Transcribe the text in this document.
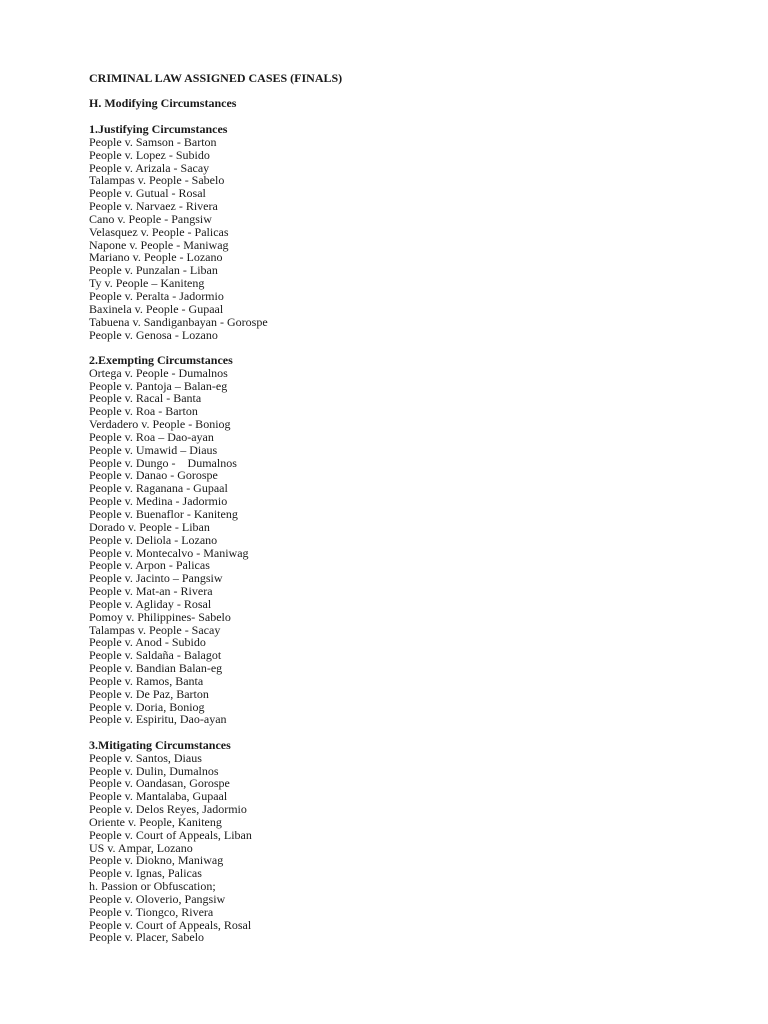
CRIMINAL LAW ASSIGNED CASES (FINALS)
H. Modifying Circumstances
1.Justifying Circumstances
People v. Samson - Barton
People v. Lopez - Subido
People v. Arizala - Sacay
Talampas v. People - Sabelo
People v. Gutual - Rosal
People v. Narvaez - Rivera
Cano v. People - Pangsiw
Velasquez v. People - Palicas
Napone v. People - Maniwag
Mariano v. People - Lozano
People v. Punzalan - Liban
Ty v. People – Kaniteng
People v. Peralta - Jadormio
Baxinela v. People - Gupaal
Tabuena v. Sandiganbayan - Gorospe
People v. Genosa - Lozano
2.Exempting Circumstances
Ortega v. People - Dumalnos
People v. Pantoja – Balan-eg
People v. Racal - Banta
People v. Roa - Barton
Verdadero v. People - Boniog
People v. Roa – Dao-ayan
People v. Umawid – Diaus
People v. Dungo -    Dumalnos
People v. Danao - Gorospe
People v. Raganana - Gupaal
People v. Medina - Jadormio
People v. Buenaflor - Kaniteng
Dorado v. People - Liban
People v. Deliola - Lozano
People v. Montecalvo - Maniwag
People v. Arpon - Palicas
People v. Jacinto – Pangsiw
People v. Mat-an - Rivera
People v. Agliday - Rosal
Pomoy v. Philippines- Sabelo
Talampas v. People - Sacay
People v. Anod - Subido
People v. Saldaña - Balagot
People v. Bandian Balan-eg
People v. Ramos, Banta
People v. De Paz, Barton
People v. Doria, Boniog
People v. Espiritu, Dao-ayan
3.Mitigating Circumstances
People v. Santos, Diaus
People v. Dulin, Dumalnos
People v. Oandasan, Gorospe
People v. Mantalaba, Gupaal
People v. Delos Reyes, Jadormio
Oriente v. People, Kaniteng
People v. Court of Appeals, Liban
US v. Ampar, Lozano
People v. Diokno, Maniwag
People v. Ignas, Palicas
h. Passion or Obfuscation;
People v. Oloverio, Pangsiw
People v. Tiongco, Rivera
People v. Court of Appeals, Rosal
People v. Placer, Sabelo
